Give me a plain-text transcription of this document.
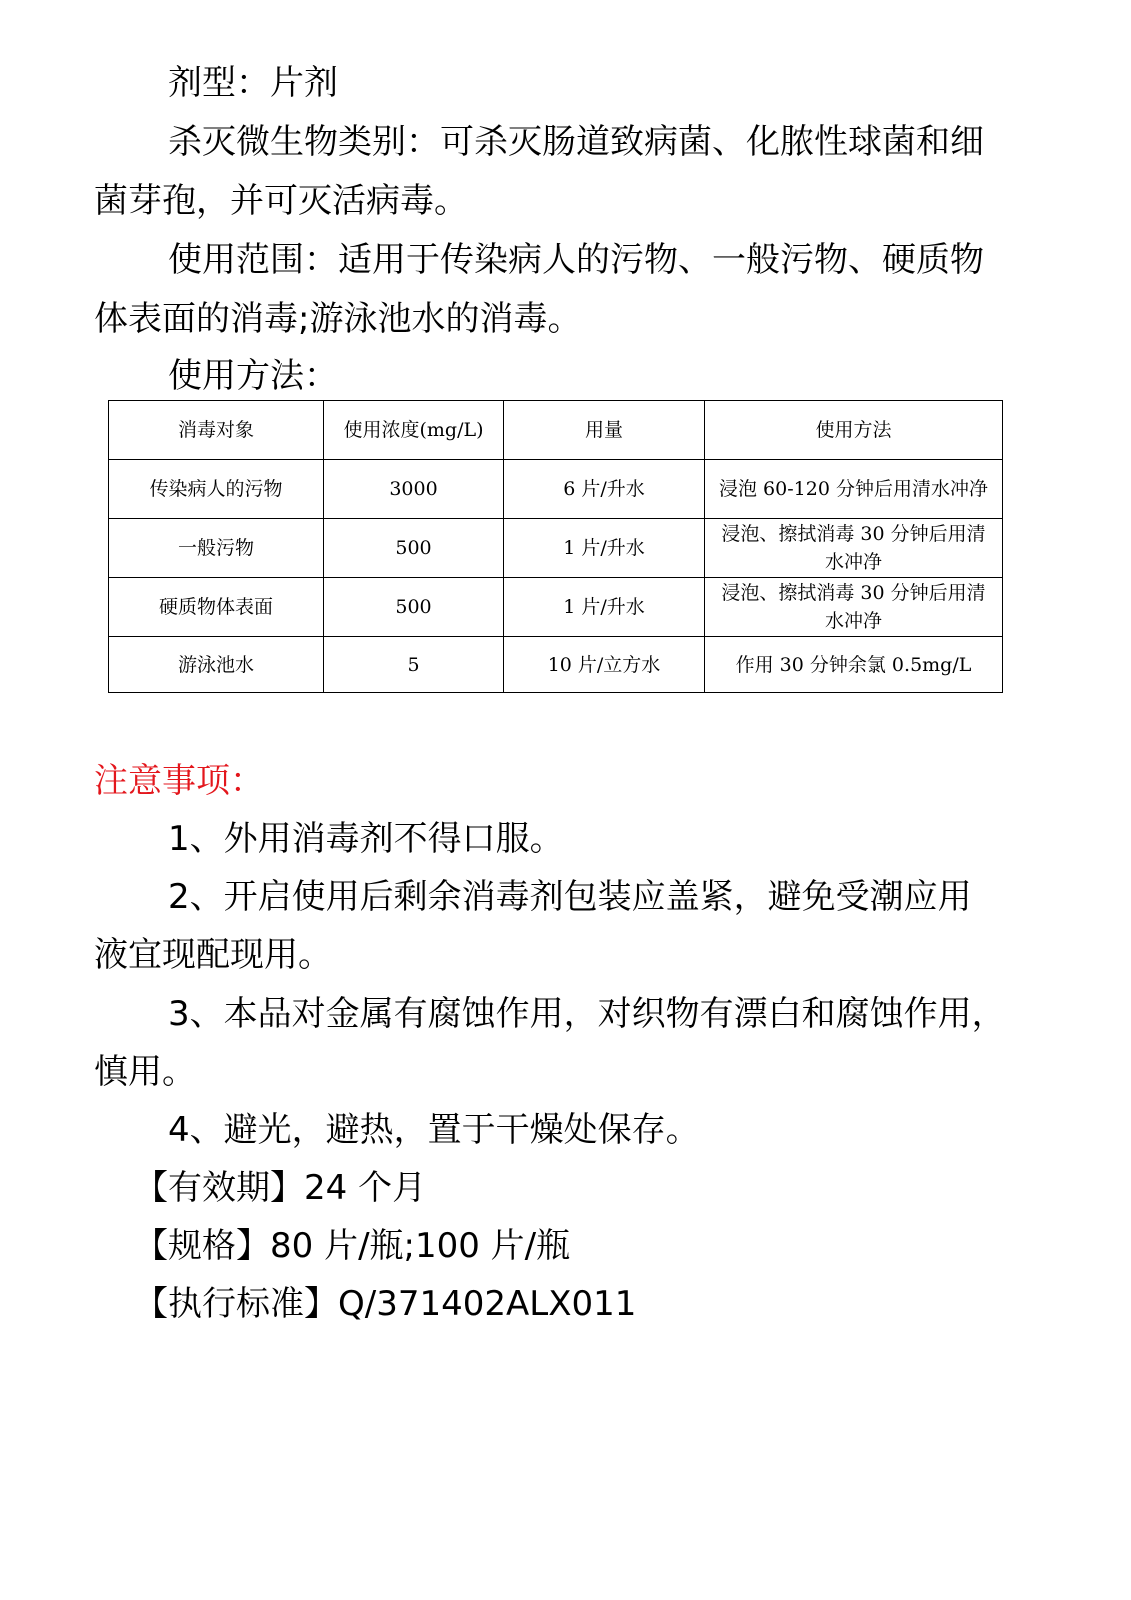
剂型：片剂

杀灭微生物类别：可杀灭肠道致病菌、化脓性球菌和细

菌芽孢，并可灭活病毒。

使用范围：适用于传染病人的污物、一般污物、硬质物

体表面的消毒;游泳池水的消毒。

使用方法：

消毒对象	使用浓度(mg/L)	用量	使用方法
传染病人的污物	3000	6 片/升水	浸泡 60-120 分钟后用清水冲净
一般污物	500	1 片/升水	浸泡、擦拭消毒 30 分钟后用清水冲净
硬质物体表面	500	1 片/升水	浸泡、擦拭消毒 30 分钟后用清水冲净
游泳池水	5	10 片/立方水	作用 30 分钟余氯 0.5mg/L

注意事项：

1、外用消毒剂不得口服。

2、开启使用后剩余消毒剂包装应盖紧，避免受潮应用

液宜现配现用。

3、本品对金属有腐蚀作用，对织物有漂白和腐蚀作用，

慎用。

4、避光，避热，置于干燥处保存。

【有效期】24 个月

【规格】80 片/瓶;100 片/瓶

【执行标准】Q/371402ALX011
